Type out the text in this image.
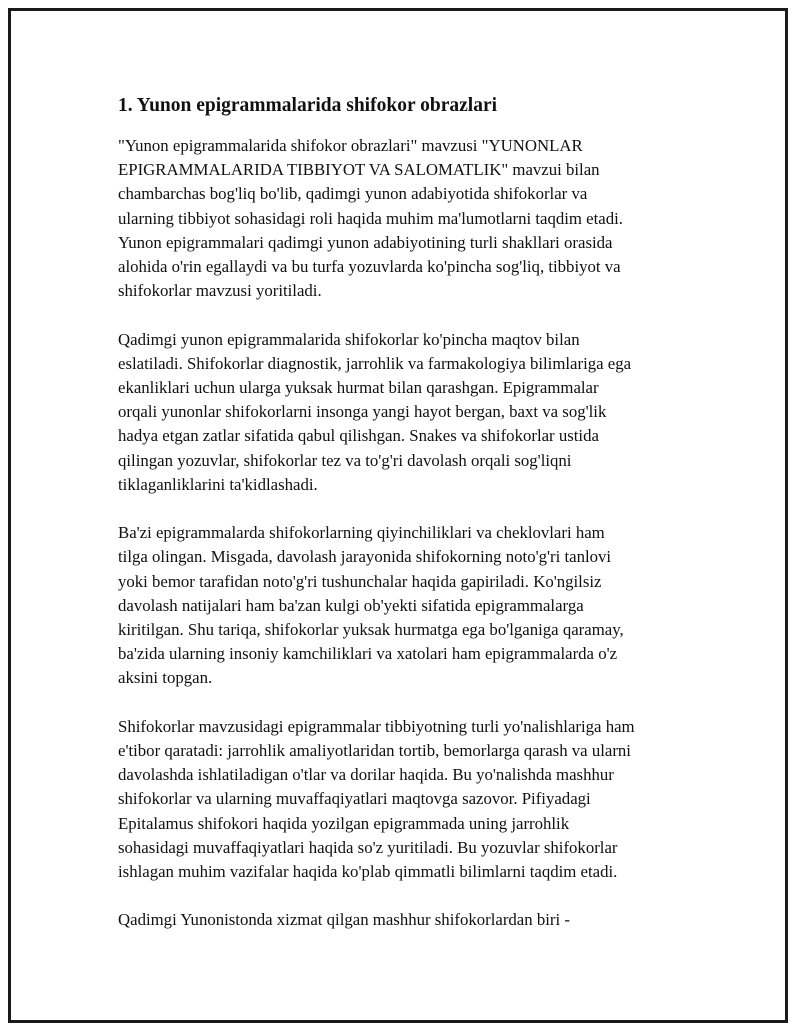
1. Yunon epigrammalarida shifokor obrazlari
"Yunon epigrammalarida shifokor obrazlari" mavzusi "YUNONLAR
EPIGRAMMALARIDA TIBBIYOT VA SALOMATLIK" mavzui bilan
chambarchas bog'liq bo'lib, qadimgi yunon adabiyotida shifokorlar va
ularning tibbiyot sohasidagi roli haqida muhim ma'lumotlarni taqdim etadi.
Yunon epigrammalari qadimgi yunon adabiyotining turli shakllari orasida
alohida o'rin egallaydi va bu turfa yozuvlarda ko'pincha sog'liq, tibbiyot va
shifokorlar mavzusi yoritiladi.
Qadimgi yunon epigrammalarida shifokorlar ko'pincha maqtov bilan
eslatiladi. Shifokorlar diagnostik, jarrohlik va farmakologiya bilimlariga ega
ekanliklari uchun ularga yuksak hurmat bilan qarashgan. Epigrammalar
orqali yunonlar shifokorlarni insonga yangi hayot bergan, baxt va sog'lik
hadya etgan zatlar sifatida qabul qilishgan. Snakes va shifokorlar ustida
qilingan yozuvlar, shifokorlar tez va to'g'ri davolash orqali sog'liqni
tiklaganliklarini ta'kidlashadi.
Ba'zi epigrammalarda shifokorlarning qiyinchiliklari va cheklovlari ham
tilga olingan. Misgada, davolash jarayonida shifokorning noto'g'ri tanlovi
yoki bemor tarafidan noto'g'ri tushunchalar haqida gapiriladi. Ko'ngilsiz
davolash natijalari ham ba'zan kulgi ob'yekti sifatida epigrammalarga
kiritilgan. Shu tariqa, shifokorlar yuksak hurmatga ega bo'lganiga qaramay,
ba'zida ularning insoniy kamchiliklari va xatolari ham epigrammalarda o'z
aksini topgan.
Shifokorlar mavzusidagi epigrammalar tibbiyotning turli yo'nalishlariga ham
e'tibor qaratadi: jarrohlik amaliyotlaridan tortib, bemorlarga qarash va ularni
davolashda ishlatiladigan o'tlar va dorilar haqida. Bu yo'nalishda mashhur
shifokorlar va ularning muvaffaqiyatlari maqtovga sazovor. Pifiyadagi
Epitalamus shifokori haqida yozilgan epigrammada uning jarrohlik
sohasidagi muvaffaqiyatlari haqida so'z yuritiladi. Bu yozuvlar shifokorlar
ishlagan muhim vazifalar haqida ko'plab qimmatli bilimlarni taqdim etadi.
Qadimgi Yunonistonda xizmat qilgan mashhur shifokorlardan biri -
